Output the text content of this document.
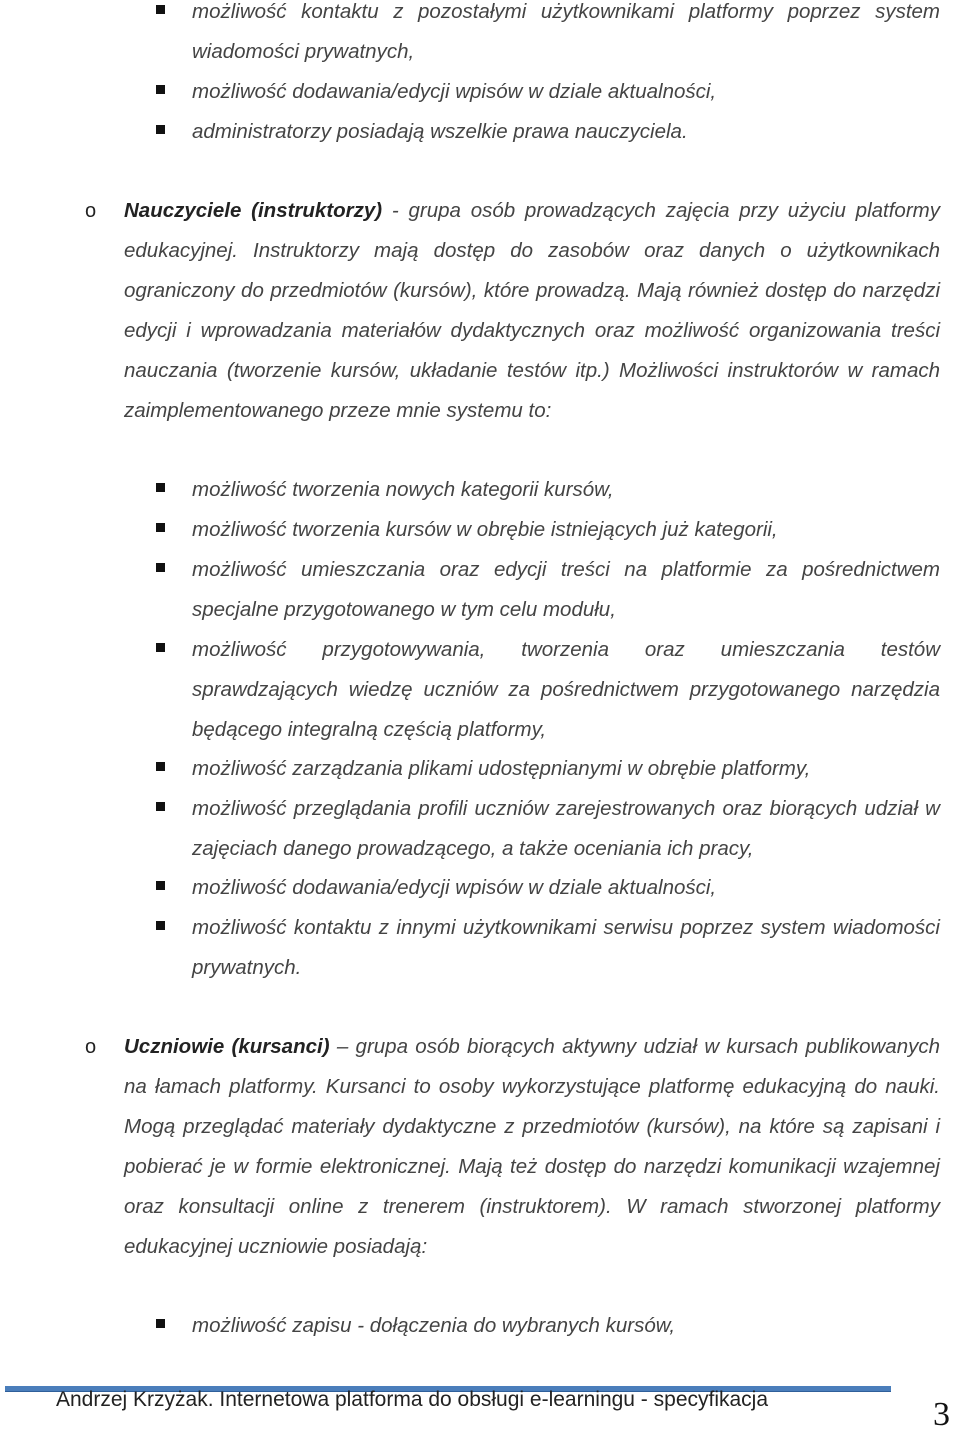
możliwość kontaktu z pozostałymi użytkownikami platformy poprzez system wiadomości prywatnych,
możliwość dodawania/edycji wpisów w dziale aktualności,
administratorzy posiadają wszelkie prawa nauczyciela.
o Nauczyciele (instruktorzy) - grupa osób prowadzących zajęcia przy użyciu platformy edukacyjnej. Instruktorzy mają dostęp do zasobów oraz danych o użytkownikach ograniczony do przedmiotów (kursów), które prowadzą. Mają również dostęp do narzędzi edycji i wprowadzania materiałów dydaktycznych oraz możliwość organizowania treści nauczania (tworzenie kursów, układanie testów itp.) Możliwości instruktorów w ramach zaimplementowanego przeze mnie systemu to:
możliwość tworzenia nowych kategorii kursów,
możliwość tworzenia kursów w obrębie istniejących już kategorii,
możliwość umieszczania oraz edycji treści na platformie za pośrednictwem specjalne przygotowanego w tym celu modułu,
możliwość przygotowywania, tworzenia oraz umieszczania testów sprawdzających wiedzę uczniów za pośrednictwem przygotowanego narzędzia będącego integralną częścią platformy,
możliwość zarządzania plikami udostępnianymi w obrębie platformy,
możliwość przeglądania profili uczniów zarejestrowanych oraz biorących udział w zajęciach danego prowadzącego, a także oceniania ich pracy,
możliwość dodawania/edycji wpisów w dziale aktualności,
możliwość kontaktu z innymi użytkownikami serwisu poprzez system wiadomości prywatnych.
o Uczniowie (kursanci) – grupa osób biorących aktywny udział w kursach publikowanych na łamach platformy. Kursanci to osoby wykorzystujące platformę edukacyjną do nauki. Mogą przeglądać materiały dydaktyczne z przedmiotów (kursów), na które są zapisani i pobierać je w formie elektronicznej. Mają też dostęp do narzędzi komunikacji wzajemnej oraz konsultacji online z trenerem (instruktorem). W ramach stworzonej platformy edukacyjnej uczniowie posiadają:
możliwość zapisu - dołączenia do wybranych kursów,
Andrzej Krzyżak. Internetowa platforma do obsługi e-learningu - specyfikacja	3
